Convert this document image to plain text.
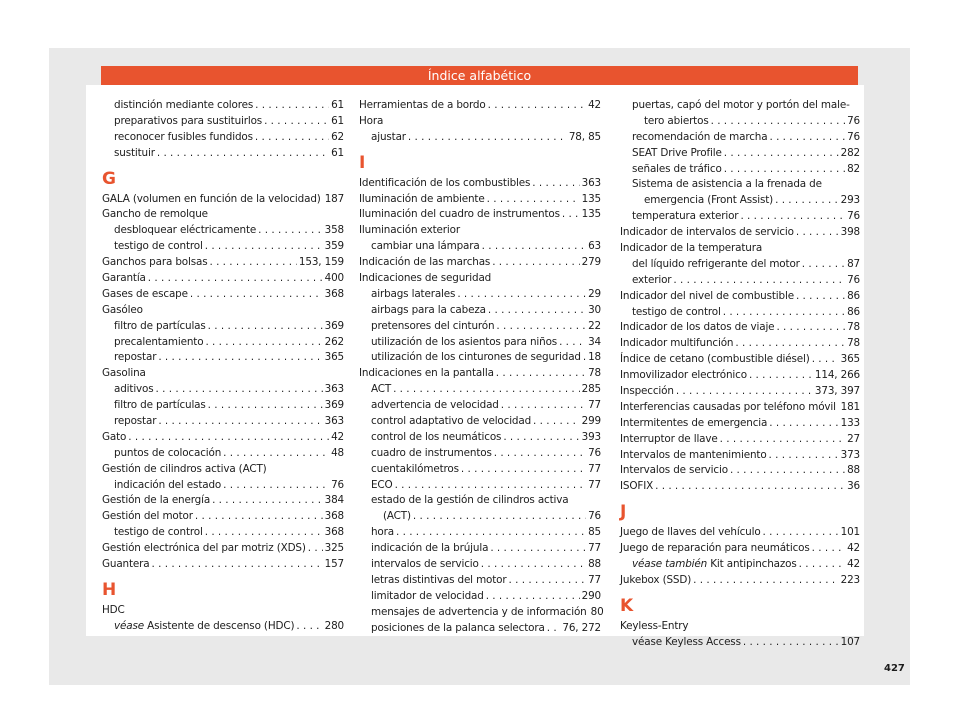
Índice alfabético
distinción mediante colores . . .	61
preparativos para sustituirlos . . .	61
reconocer fusibles fundidos . . .	62
sustituir . . .	61
G
GALA (volumen en función de la velocidad) 187
Gancho de remolque
desbloquear eléctricamente . . .	358
testigo de control . . .	359
Ganchos para bolsas . . .	153, 159
Garantía . . .	400
Gases de escape . . .	368
Gasóleo
filtro de partículas . . .	369
precalentamiento . . .	262
repostar . . .	365
Gasolina
aditivos . . .	363
filtro de partículas . . .	369
repostar . . .	363
Gato . . .	42
puntos de colocación . . .	48
Gestión de cilindros activa (ACT)
indicación del estado . . .	76
Gestión de la energía . . .	384
Gestión del motor . . .	368
testigo de control . . .	368
Gestión electrónica del par motriz (XDS) . . . 325
Guantera . . .	157
H
HDC
véase Asistente de descenso (HDC) . . .	280
Herramientas de a bordo . . .	42
Hora
ajustar . . .	78, 85
I
Identificación de los combustibles . . .	363
Iluminación de ambiente . . .	135
Iluminación del cuadro de instrumentos . . . 135
Iluminación exterior
cambiar una lámpara . . .	63
Indicación de las marchas . . .	279
Indicaciones de seguridad
airbags laterales . . .	29
airbags para la cabeza . . .	30
pretensores del cinturón . . .	22
utilización de los asientos para niños . . .	34
utilización de los cinturones de seguridad . . . 18
Indicaciones en la pantalla . . .	78
ACT . . .	285
advertencia de velocidad . . .	77
control adaptativo de velocidad . . .	299
control de los neumáticos . . .	393
cuadro de instrumentos . . .	76
cuentakilómetros . . .	77
ECO . . .	77
estado de la gestión de cilindros activa
(ACT) . . .	76
hora . . .	85
indicación de la brújula . . .	77
intervalos de servicio . . .	88
letras distintivas del motor . . .	77
limitador de velocidad . . .	290
mensajes de advertencia y de información 80
posiciones de la palanca selectora . . . 76, 272
puertas, capó del motor y portón del male-
tero abiertos . . .	76
recomendación de marcha . . .	76
SEAT Drive Profile . . .	282
señales de tráfico . . .	82
Sistema de asistencia a la frenada de
emergencia (Front Assist) . . .	293
temperatura exterior . . .	76
Indicador de intervalos de servicio . . .	398
Indicador de la temperatura
del líquido refrigerante del motor . . .	87
exterior . . .	76
Indicador del nivel de combustible . . .	86
testigo de control . . .	86
Indicador de los datos de viaje . . .	78
Indicador multifunción . . .	78
Índice de cetano (combustible diésel) . . .	365
Inmovilizador electrónico . . .	114, 266
Inspección . . .	373, 397
Interferencias causadas por teléfono móvil . . . 181
Intermitentes de emergencia . . .	133
Interruptor de llave . . .	27
Intervalos de mantenimiento . . .	373
Intervalos de servicio . . .	88
ISOFIX . . .	36
J
Juego de llaves del vehículo . . .	101
Juego de reparación para neumáticos . . .	42
véase también Kit antipinchazos . . .	42
Jukebox (SSD) . . .	223
K
Keyless-Entry
véase Keyless Access . . .	107
427
